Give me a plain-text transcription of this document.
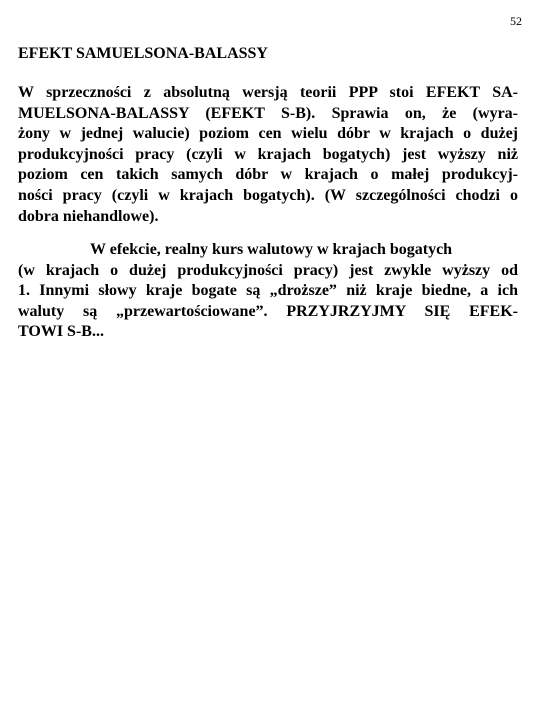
52
EFEKT SAMUELSONA-BALASSY
W sprzeczności z absolutną wersją teorii PPP stoi EFEKT SA-
MUELSONA-BALASSY (EFEKT S-B). Sprawia on, że (wyra-
żony w jednej walucie) poziom cen wielu dóbr w krajach o dużej
produkcyjności pracy (czyli w krajach bogatych) jest wyższy niż
poziom cen takich samych dóbr w krajach o małej produkcyj-
ności pracy (czyli w krajach bogatych). (W szczególności chodzi o
dobra niehandlowe).
W efekcie, realny kurs walutowy w krajach bogatych
(w krajach o dużej produkcyjności pracy) jest zwykle wyższy od
1. Innymi słowy kraje bogate są „droższe” niż kraje biedne, a ich
waluty są „przewartościowane”. PRZYJRZYJMY SIĘ EFEK-
TOWI S-B...
